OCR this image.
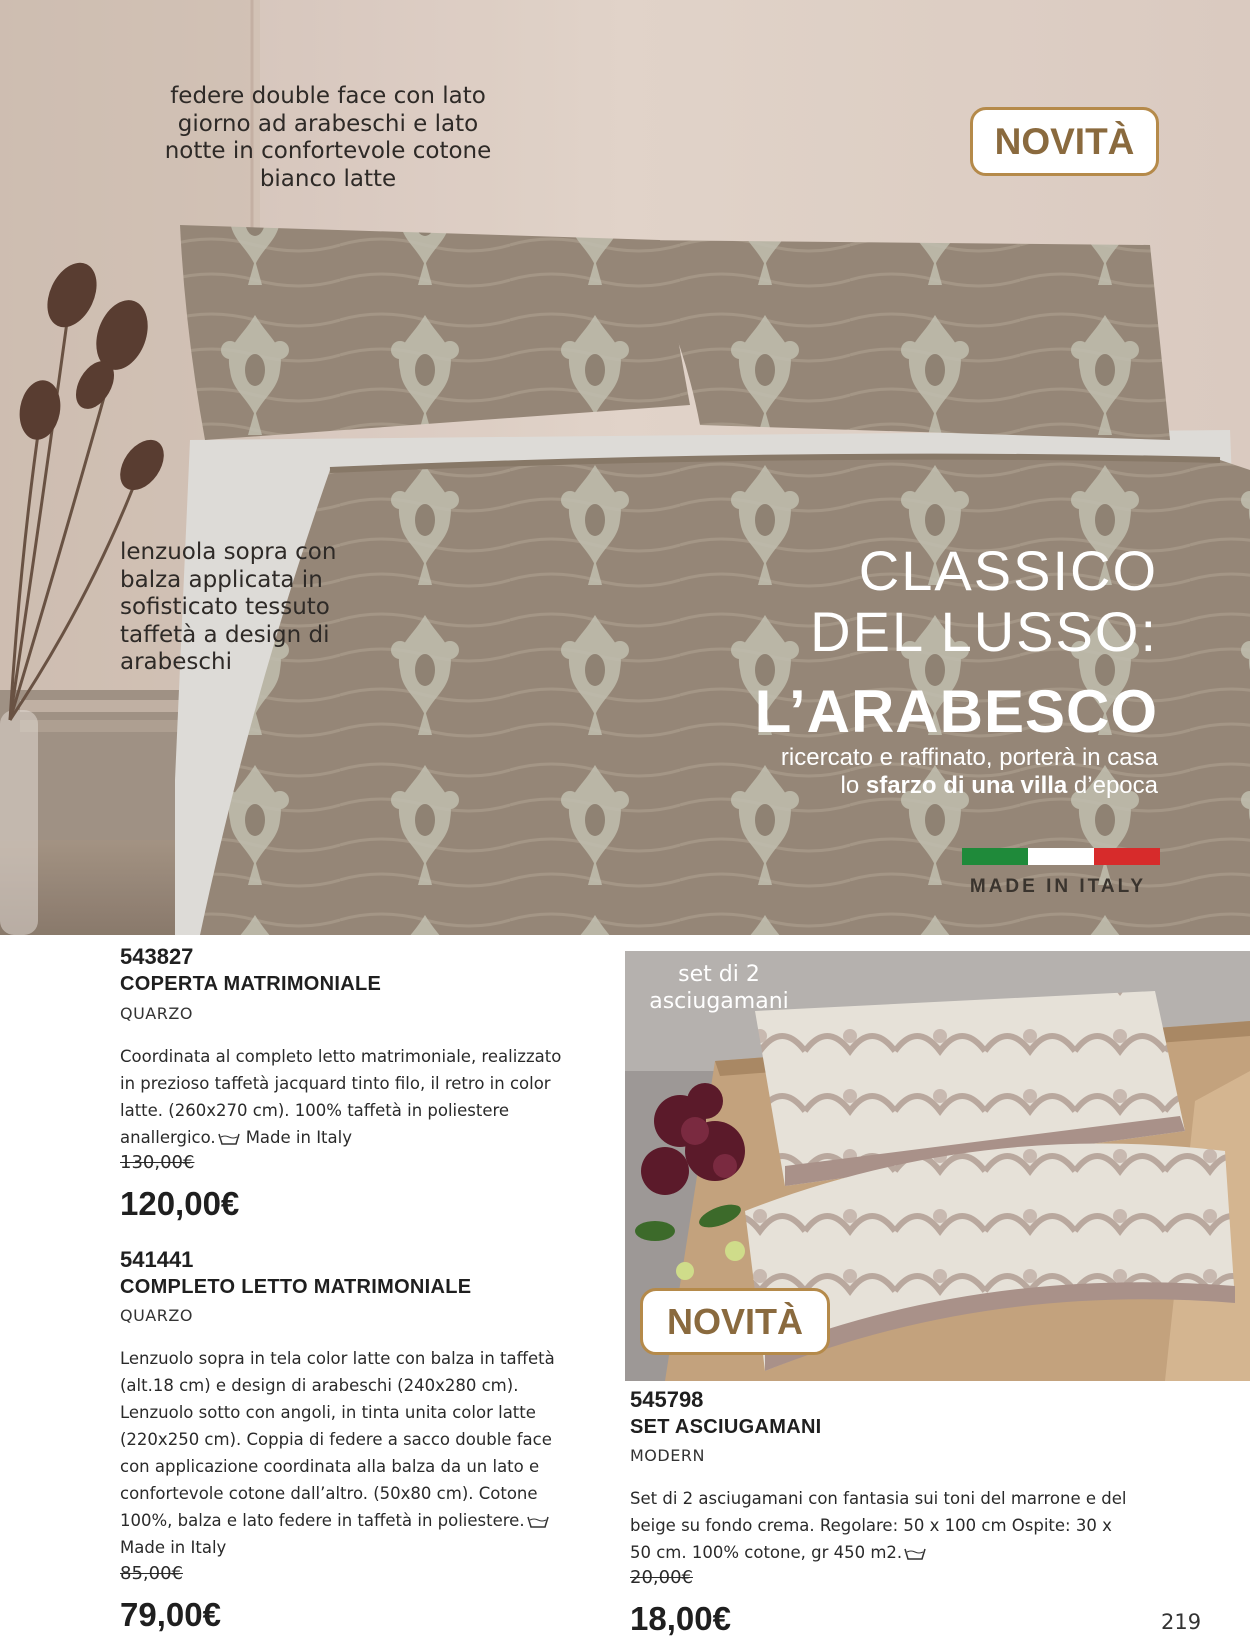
federe double face con lato giorno ad arabeschi e lato notte in confortevole cotone bianco latte
lenzuola sopra con balza applicata in sofisticato tessuto taffetà a design di arabeschi
NOVITÀ
CLASSICO
DEL LUSSO:
L’ARABESCO
ricercato e raffinato, porterà in casa
lo sfarzo di una villa d’epoca
MADE IN ITALY
543827
COPERTA MATRIMONIALE
QUARZO
Coordinata al completo letto matrimoniale, realizzato in prezioso taffetà jacquard tinto filo, il retro in color latte. (260x270 cm). 100% taffetà in poliestere anallergico. Made in Italy
130,00€
120,00€
541441
COMPLETO LETTO MATRIMONIALE
QUARZO
Lenzuolo sopra in tela color latte con balza in taffetà (alt.18 cm) e design di arabeschi (240x280 cm). Lenzuolo sotto con angoli, in tinta unita color latte (220x250 cm). Coppia di federe a sacco double face con applicazione coordinata alla balza da un lato e confortevole cotone dall’altro. (50x80 cm). Cotone 100%, balza e lato federe in taffetà in poliestere.Made in Italy
85,00€
79,00€
set di 2 asciugamani
NOVITÀ
545798
SET ASCIUGAMANI
MODERN
Set di 2 asciugamani con fantasia sui toni del marrone e del beige su fondo crema. Regolare: 50 x 100 cm Ospite: 30 x 50 cm. 100% cotone, gr 450 m2.
20,00€
18,00€	219
